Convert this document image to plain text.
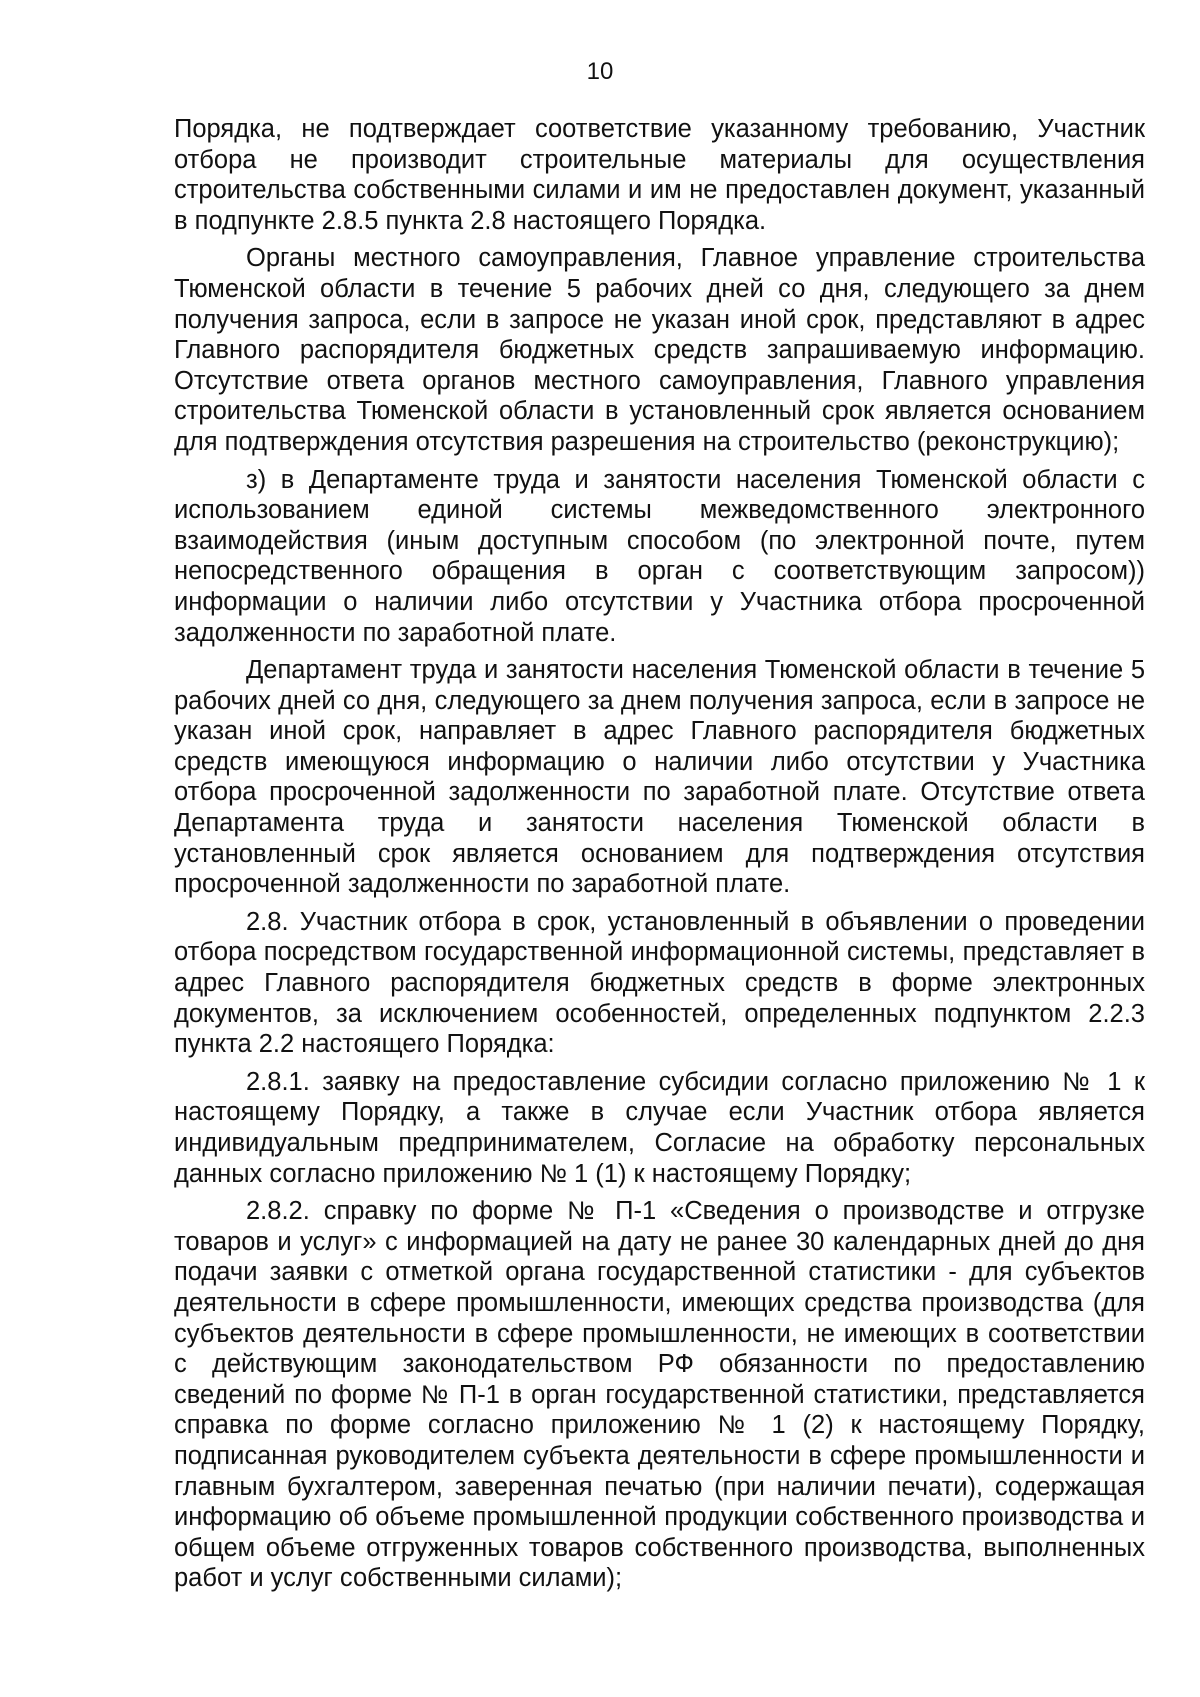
10

Порядка, не подтверждает соответствие указанному требованию, Участник отбора не производит строительные материалы для осуществления строительства собственными силами и им не предоставлен документ, указанный в подпункте 2.8.5 пункта 2.8 настоящего Порядка.

Органы местного самоуправления, Главное управление строительства Тюменской области в течение 5 рабочих дней со дня, следующего за днем получения запроса, если в запросе не указан иной срок, представляют в адрес Главного распорядителя бюджетных средств запрашиваемую информацию. Отсутствие ответа органов местного самоуправления, Главного управления строительства Тюменской области в установленный срок является основанием для подтверждения отсутствия разрешения на строительство (реконструкцию);

з) в Департаменте труда и занятости населения Тюменской области с использованием единой системы межведомственного электронного взаимодействия (иным доступным способом (по электронной почте, путем непосредственного обращения в орган с соответствующим запросом)) информации о наличии либо отсутствии у Участника отбора просроченной задолженности по заработной плате.

Департамент труда и занятости населения Тюменской области в течение 5 рабочих дней со дня, следующего за днем получения запроса, если в запросе не указан иной срок, направляет в адрес Главного распорядителя бюджетных средств имеющуюся информацию о наличии либо отсутствии у Участника отбора просроченной задолженности по заработной плате. Отсутствие ответа Департамента труда и занятости населения Тюменской области в установленный срок является основанием для подтверждения отсутствия просроченной задолженности по заработной плате.

2.8. Участник отбора в срок, установленный в объявлении о проведении отбора посредством государственной информационной системы, представляет в адрес Главного распорядителя бюджетных средств в форме электронных документов, за исключением особенностей, определенных подпунктом 2.2.3 пункта 2.2 настоящего Порядка:

2.8.1. заявку на предоставление субсидии согласно приложению № 1 к настоящему Порядку, а также в случае если Участник отбора является индивидуальным предпринимателем, Согласие на обработку персональных данных согласно приложению № 1 (1) к настоящему Порядку;

2.8.2. справку по форме № П-1 «Сведения о производстве и отгрузке товаров и услуг» с информацией на дату не ранее 30 календарных дней до дня подачи заявки с отметкой органа государственной статистики - для субъектов деятельности в сфере промышленности, имеющих средства производства (для субъектов деятельности в сфере промышленности, не имеющих в соответствии с действующим законодательством РФ обязанности по предоставлению сведений по форме № П-1 в орган государственной статистики, представляется справка по форме согласно приложению № 1 (2) к настоящему Порядку, подписанная руководителем субъекта деятельности в сфере промышленности и главным бухгалтером, заверенная печатью (при наличии печати), содержащая информацию об объеме промышленной продукции собственного производства и общем объеме отгруженных товаров собственного производства, выполненных работ и услуг собственными силами);
